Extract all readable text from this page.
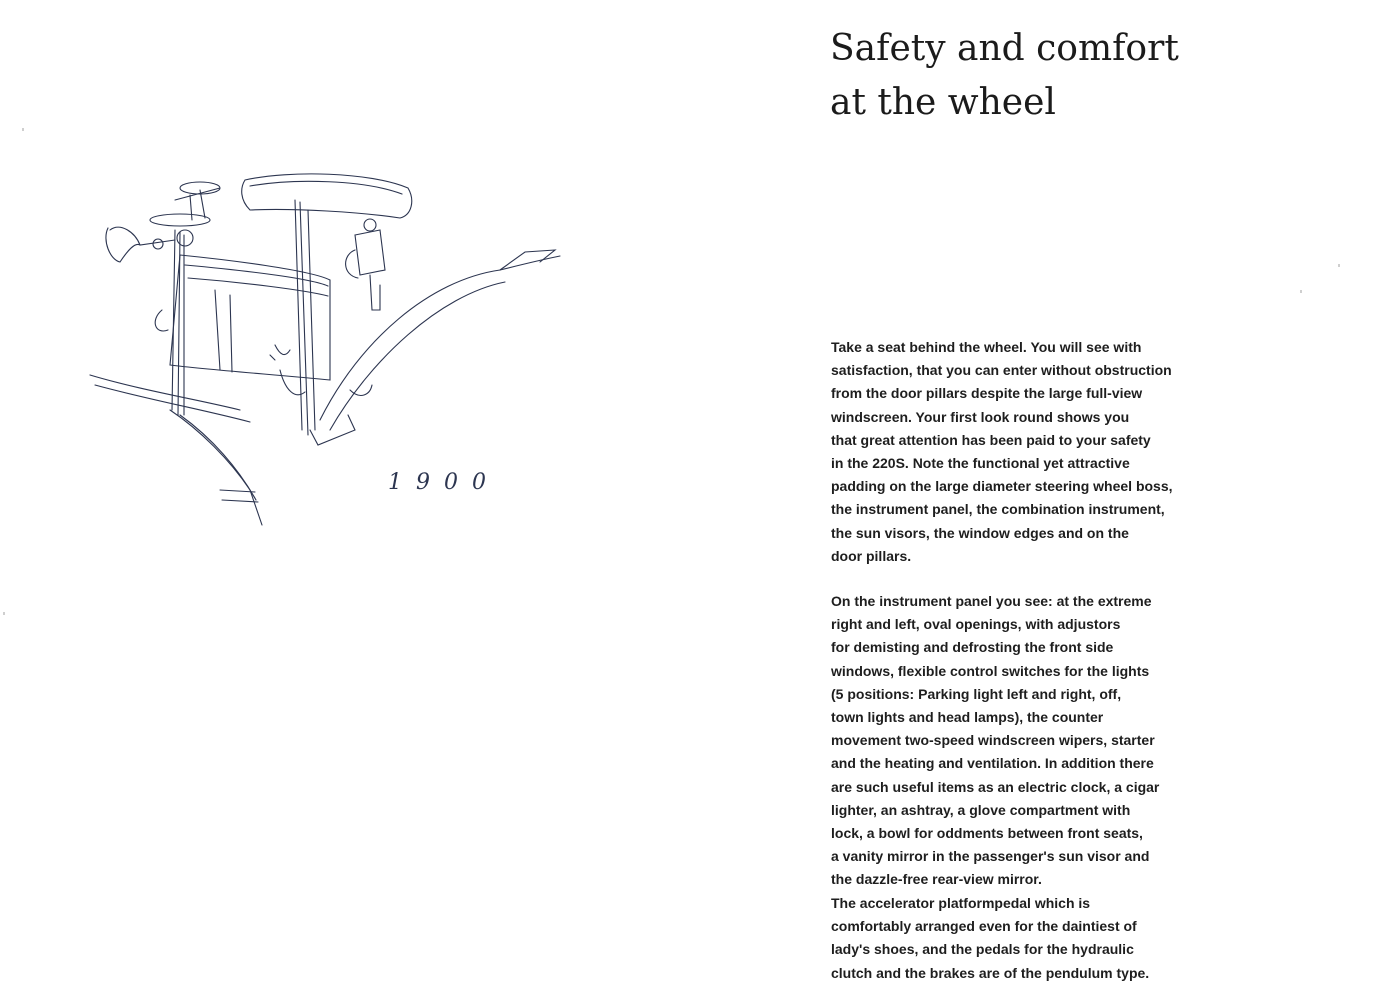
1900
Safety and comfort
at the wheel
Take a seat behind the wheel. You will see with
satisfaction, that you can enter without obstruction
from the door pillars despite the large full-view
windscreen. Your first look round shows you
that great attention has been paid to your safety
in the 220S. Note the functional yet attractive
padding on the large diameter steering wheel boss,
the instrument panel, the combination instrument,
the sun visors, the window edges and on the
door pillars.
On the instrument panel you see: at the extreme
right and left, oval openings, with adjustors
for demisting and defrosting the front side
windows, flexible control switches for the lights
(5 positions: Parking light left and right, off,
town lights and head lamps), the counter
movement two-speed windscreen wipers, starter
and the heating and ventilation. In addition there
are such useful items as an electric clock, a cigar
lighter, an ashtray, a glove compartment with
lock, a bowl for oddments between front seats,
a vanity mirror in the passenger's sun visor and
the dazzle-free rear-view mirror.
The accelerator platformpedal which is
comfortably arranged even for the daintiest of
lady's shoes, and the pedals for the hydraulic
clutch and the brakes are of the pendulum type.
